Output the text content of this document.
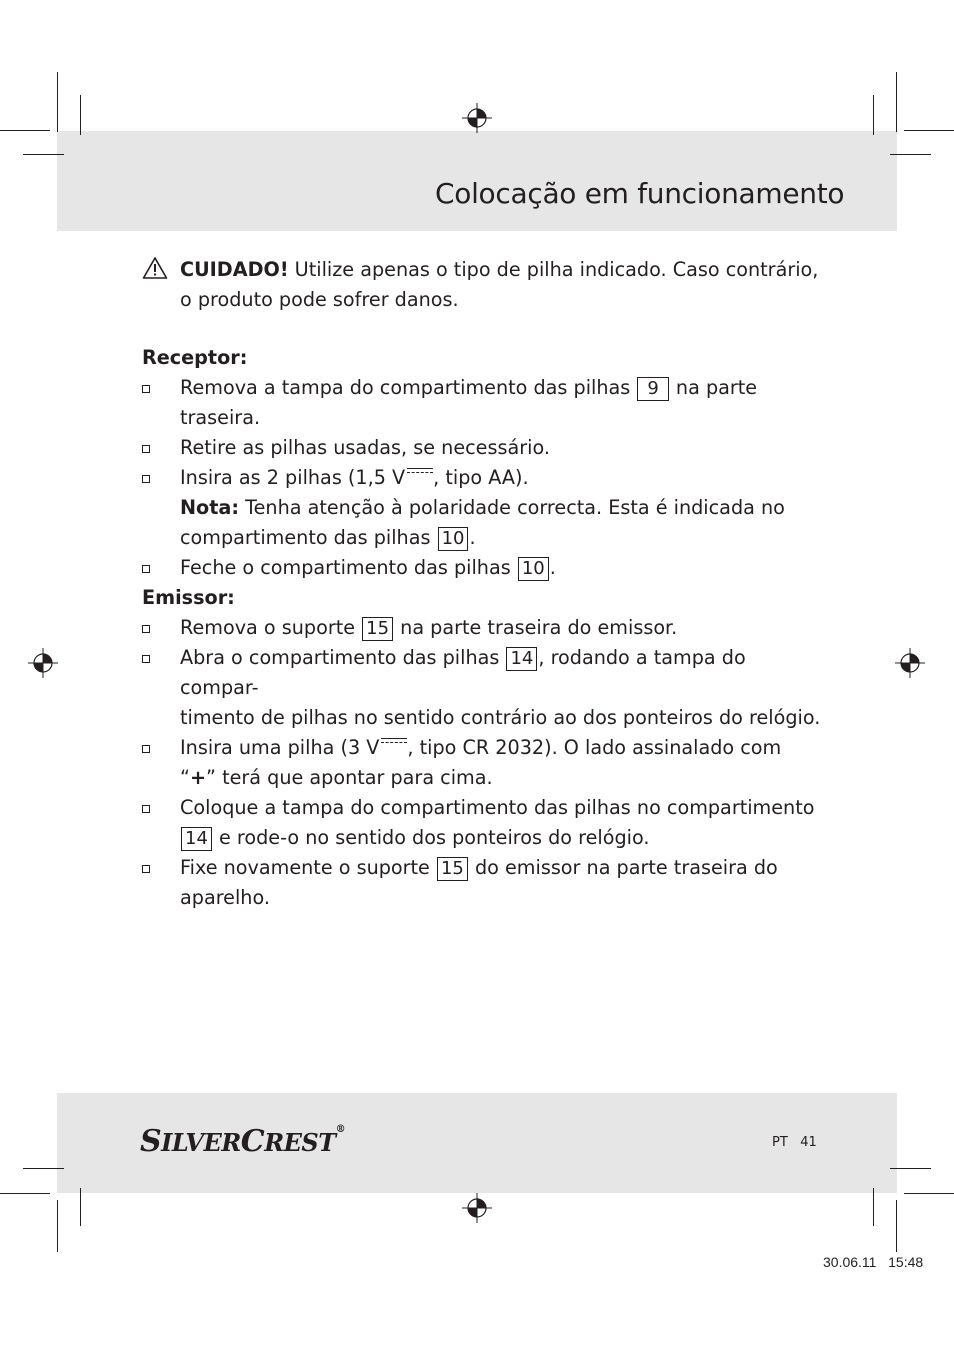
Colocação em funcionamento
CUIDADO! Utilize apenas o tipo de pilha indicado. Caso contrário,
o produto pode sofrer danos.
Receptor:
Remova a tampa do compartimento das pilhas 9 na parte traseira.
Retire as pilhas usadas, se necessário.
Insira as 2 pilhas (1,5 V , tipo AA).
Nota: Tenha atenção à polaridade correcta. Esta é indicada no
compartimento das pilhas 10 .
Feche o compartimento das pilhas 10 .
Emissor:
Remova o suporte 15 na parte traseira do emissor.
Abra o compartimento das pilhas 14 , rodando a tampa do compar-
timento de pilhas no sentido contrário ao dos ponteiros do relógio.
Insira uma pilha (3 V , tipo CR 2032). O lado assinalado com
“+” terá que apontar para cima.
Coloque a tampa do compartimento das pilhas no compartimento
14 e rode-o no sentido dos ponteiros do relógio.
Fixe novamente o suporte 15 do emissor na parte traseira do
aparelho.
SILVERCREST®
PT 41
30.06.11   15:48
